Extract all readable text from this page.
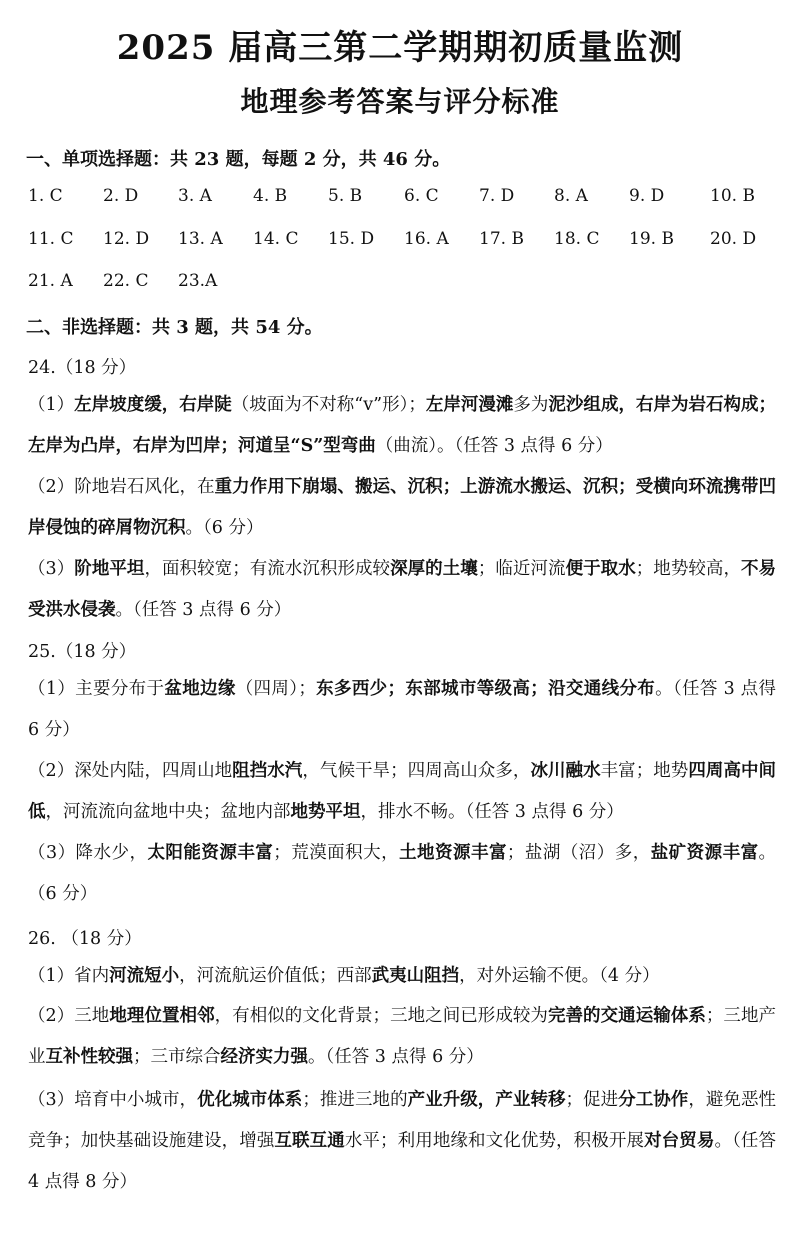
2025 届高三第二学期期初质量监测
地理参考答案与评分标准
一、单项选择题：共 23 题，每题 2 分，共 46 分。
1. C 2. D 3. A 4. B 5. B 6. C 7. D 8. A 9. D	10. B
11. C 12. D 13. A 14. C 15. D 16. A 17. B 18. C 19. B 20. D
21. A 22. C 23.A
二、非选择题：共 3 题，共 54 分。
24.（18 分）
（1）左岸坡度缓，右岸陡（坡面为不对称“v”形）；左岸河漫滩多为泥沙组成，右岸为岩石构成；左岸为凸岸，右岸为凹岸；河道呈“S”型弯曲（曲流）。（任答 3 点得 6 分）
（2）阶地岩石风化，在重力作用下崩塌、搬运、沉积；上游流水搬运、沉积；受横向环流携带凹岸侵蚀的碎屑物沉积。（6 分）
（3）阶地平坦，面积较宽；有流水沉积形成较深厚的土壤；临近河流便于取水；地势较高，不易受洪水侵袭。（任答 3 点得 6 分）
25.（18 分）
（1）主要分布于盆地边缘（四周）；东多西少；东部城市等级高；沿交通线分布。（任答 3 点得 6 分）
（2）深处内陆，四周山地阻挡水汽，气候干旱；四周高山众多，冰川融水丰富；地势四周高中间低，河流流向盆地中央；盆地内部地势平坦，排水不畅。（任答 3 点得 6 分）
（3）降水少，太阳能资源丰富；荒漠面积大，土地资源丰富；盐湖（沼）多，盐矿资源丰富。（6 分）
26. （18 分）
（1）省内河流短小，河流航运价值低；西部武夷山阻挡，对外运输不便。（4 分）
（2）三地地理位置相邻，有相似的文化背景；三地之间已形成较为完善的交通运输体系；三地产业互补性较强；三市综合经济实力强。（任答 3 点得 6 分）
（3）培育中小城市，优化城市体系；推进三地的产业升级，产业转移；促进分工协作，避免恶性竞争；加快基础设施建设，增强互联互通水平；利用地缘和文化优势，积极开展对台贸易。（任答 4 点得 8 分）
